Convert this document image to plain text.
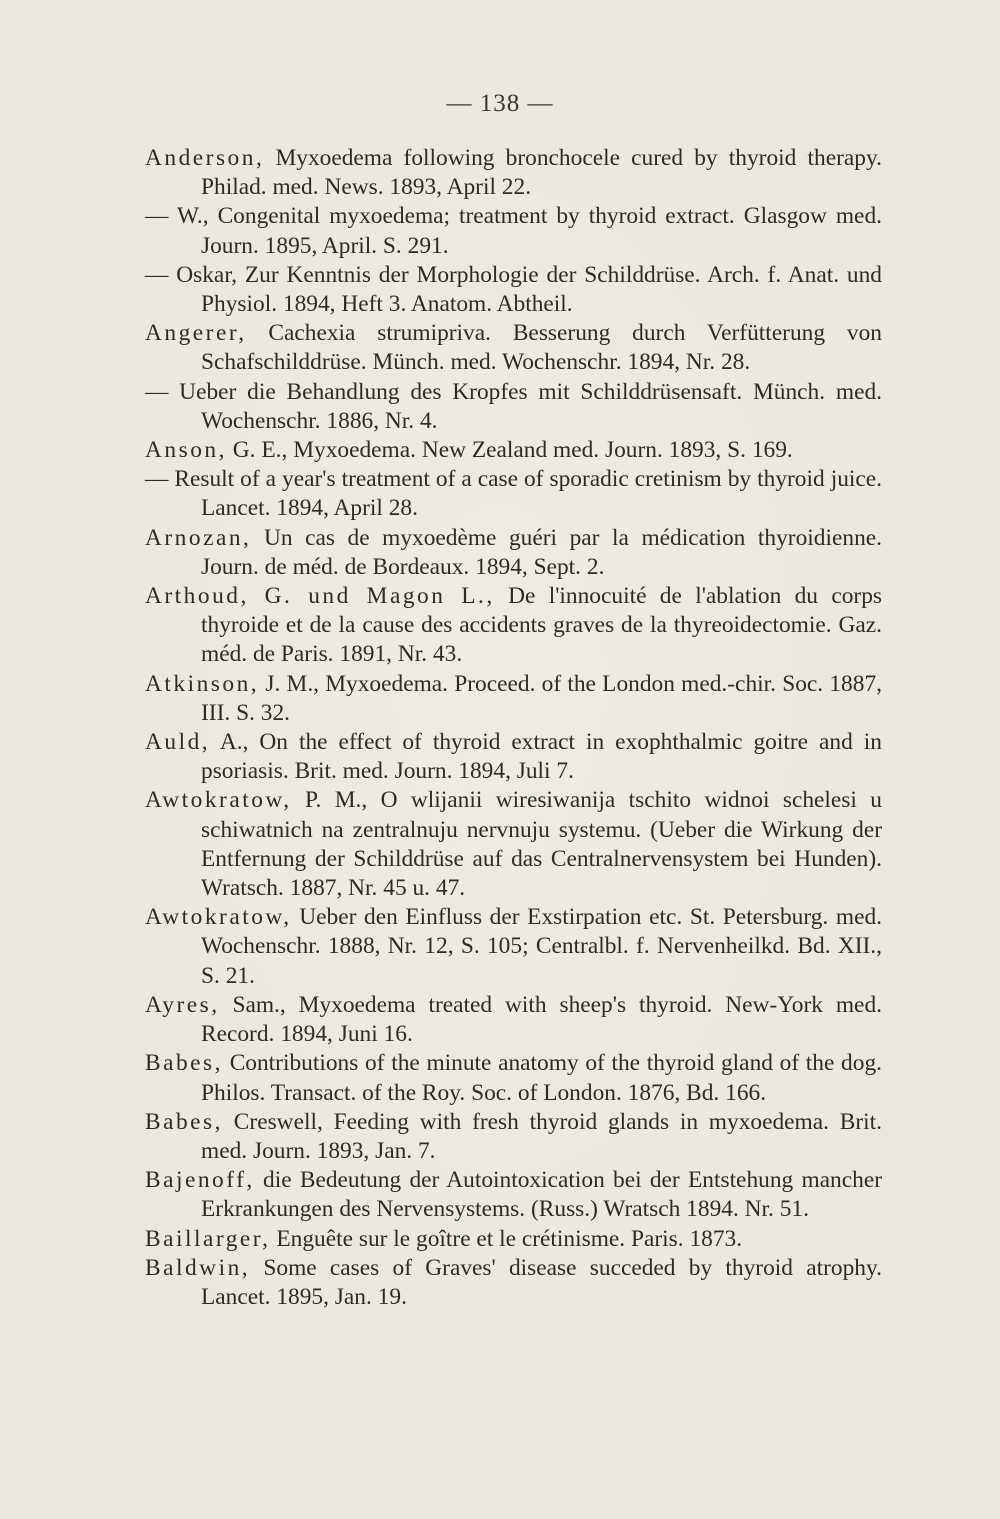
— 138 —

Anderson, Myxoedema following bronchocele cured by thyroid therapy. Philad. med. News. 1893, April 22.

— W., Congenital myxoedema; treatment by thyroid extract. Glasgow med. Journ. 1895, April. S. 291.

— Oskar, Zur Kenntnis der Morphologie der Schilddrüse. Arch. f. Anat. und Physiol. 1894, Heft 3. Anatom. Abtheil.

Angerer, Cachexia strumipriva. Besserung durch Verfütterung von Schafschilddrüse. Münch. med. Wochenschr. 1894, Nr. 28.

— Ueber die Behandlung des Kropfes mit Schilddrüsensaft. Münch. med. Wochenschr. 1886, Nr. 4.

Anson, G. E., Myxoedema. New Zealand med. Journ. 1893, S. 169.

— Result of a year's treatment of a case of sporadic cretinism by thyroid juice. Lancet. 1894, April 28.

Arnozan, Un cas de myxoedème guéri par la médication thyroidienne. Journ. de méd. de Bordeaux. 1894, Sept. 2.

Arthoud, G. und Magon L., De l'innocuité de l'ablation du corps thyroide et de la cause des accidents graves de la thyreoidectomie. Gaz. méd. de Paris. 1891, Nr. 43.

Atkinson, J. M., Myxoedema. Proceed. of the London med.-chir. Soc. 1887, III. S. 32.

Auld, A., On the effect of thyroid extract in exophthalmic goitre and in psoriasis. Brit. med. Journ. 1894, Juli 7.

Awtokratow, P. M., O wlijanii wiresiwanija tschito widnoi schelesi u schiwatnich na zentralnuju nervnuju systemu. (Ueber die Wirkung der Entfernung der Schilddrüse auf das Centralnervensystem bei Hunden). Wratsch. 1887, Nr. 45 u. 47.

Awtokratow, Ueber den Einfluss der Exstirpation etc. St. Petersburg. med. Wochenschr. 1888, Nr. 12, S. 105; Centralbl. f. Nervenheilkd. Bd. XII., S. 21.

Ayres, Sam., Myxoedema treated with sheep's thyroid. New-York med. Record. 1894, Juni 16.

Babes, Contributions of the minute anatomy of the thyroid gland of the dog. Philos. Transact. of the Roy. Soc. of London. 1876, Bd. 166.

Babes, Creswell, Feeding with fresh thyroid glands in myxoedema. Brit. med. Journ. 1893, Jan. 7.

Bajenoff, die Bedeutung der Autointoxication bei der Entstehung mancher Erkrankungen des Nervensystems. (Russ.) Wratsch 1894. Nr. 51.

Baillarger, Enguête sur le goître et le crétinisme. Paris. 1873.

Baldwin, Some cases of Graves' disease succeded by thyroid atrophy. Lancet. 1895, Jan. 19.
